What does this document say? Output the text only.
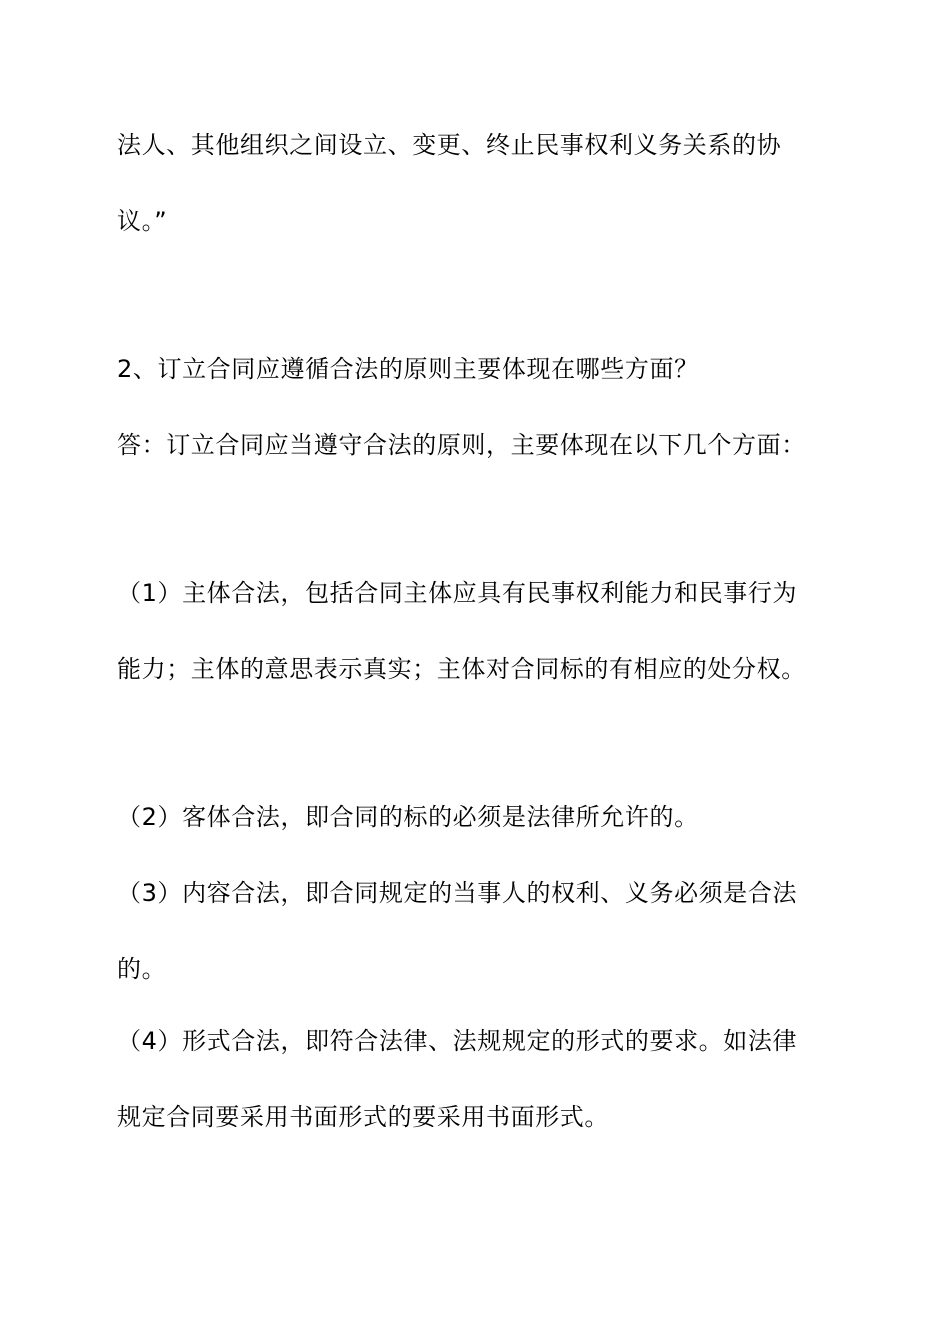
法人、其他组织之间设立、变更、终止民事权利义务关系的协
议。”
2、订立合同应遵循合法的原则主要体现在哪些方面？
答：订立合同应当遵守合法的原则，主要体现在以下几个方面：
（1）主体合法，包括合同主体应具有民事权利能力和民事行为
能力；主体的意思表示真实；主体对合同标的有相应的处分权。
（2）客体合法，即合同的标的必须是法律所允许的。
（3）内容合法，即合同规定的当事人的权利、义务必须是合法
的。
（4）形式合法，即符合法律、法规规定的形式的要求。如法律
规定合同要采用书面形式的要采用书面形式。
